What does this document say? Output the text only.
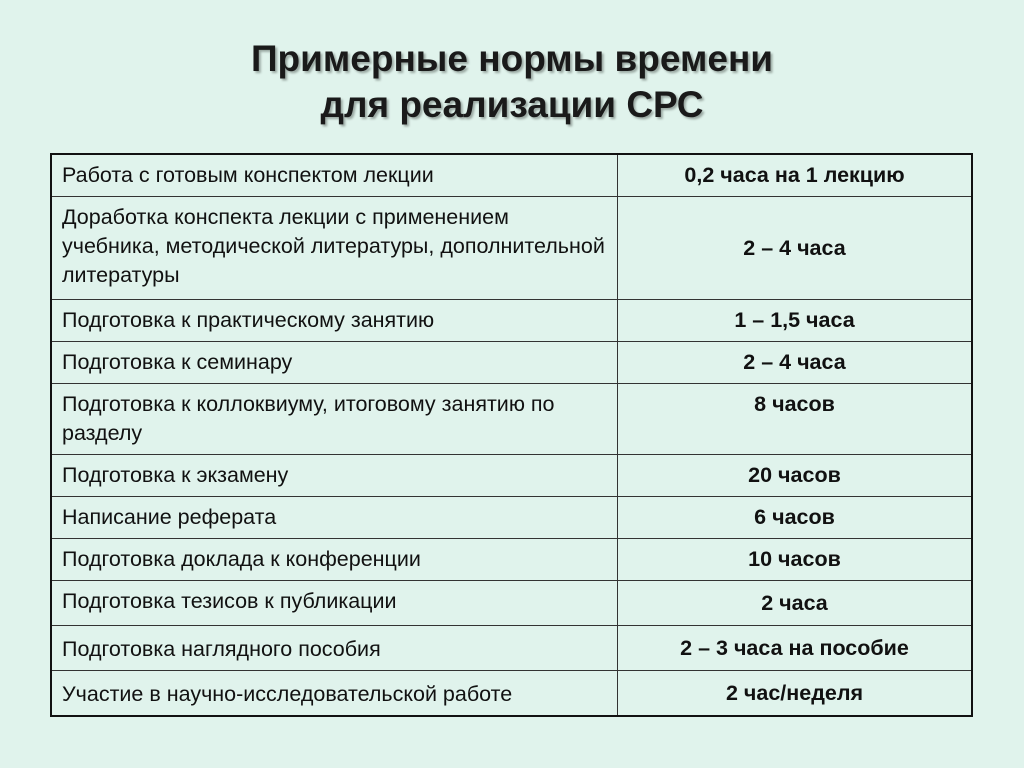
Примерные нормы времени
для реализации СРС
Работа с готовым конспектом лекции	0,2 часа на 1 лекцию
Доработка конспекта лекции с применением учебника, методической литературы, дополнительной литературы	2 – 4 часа
Подготовка к практическому занятию	1 – 1,5 часа
Подготовка к семинару	2 – 4 часа
Подготовка к коллоквиуму, итоговому занятию по разделу	8 часов
Подготовка к экзамену	20 часов
Написание реферата	6 часов
Подготовка доклада к конференции	10 часов
Подготовка тезисов к публикации	2 часа
Подготовка наглядного пособия	2 – 3 часа на пособие
Участие в научно-исследовательской работе	2 час/неделя
